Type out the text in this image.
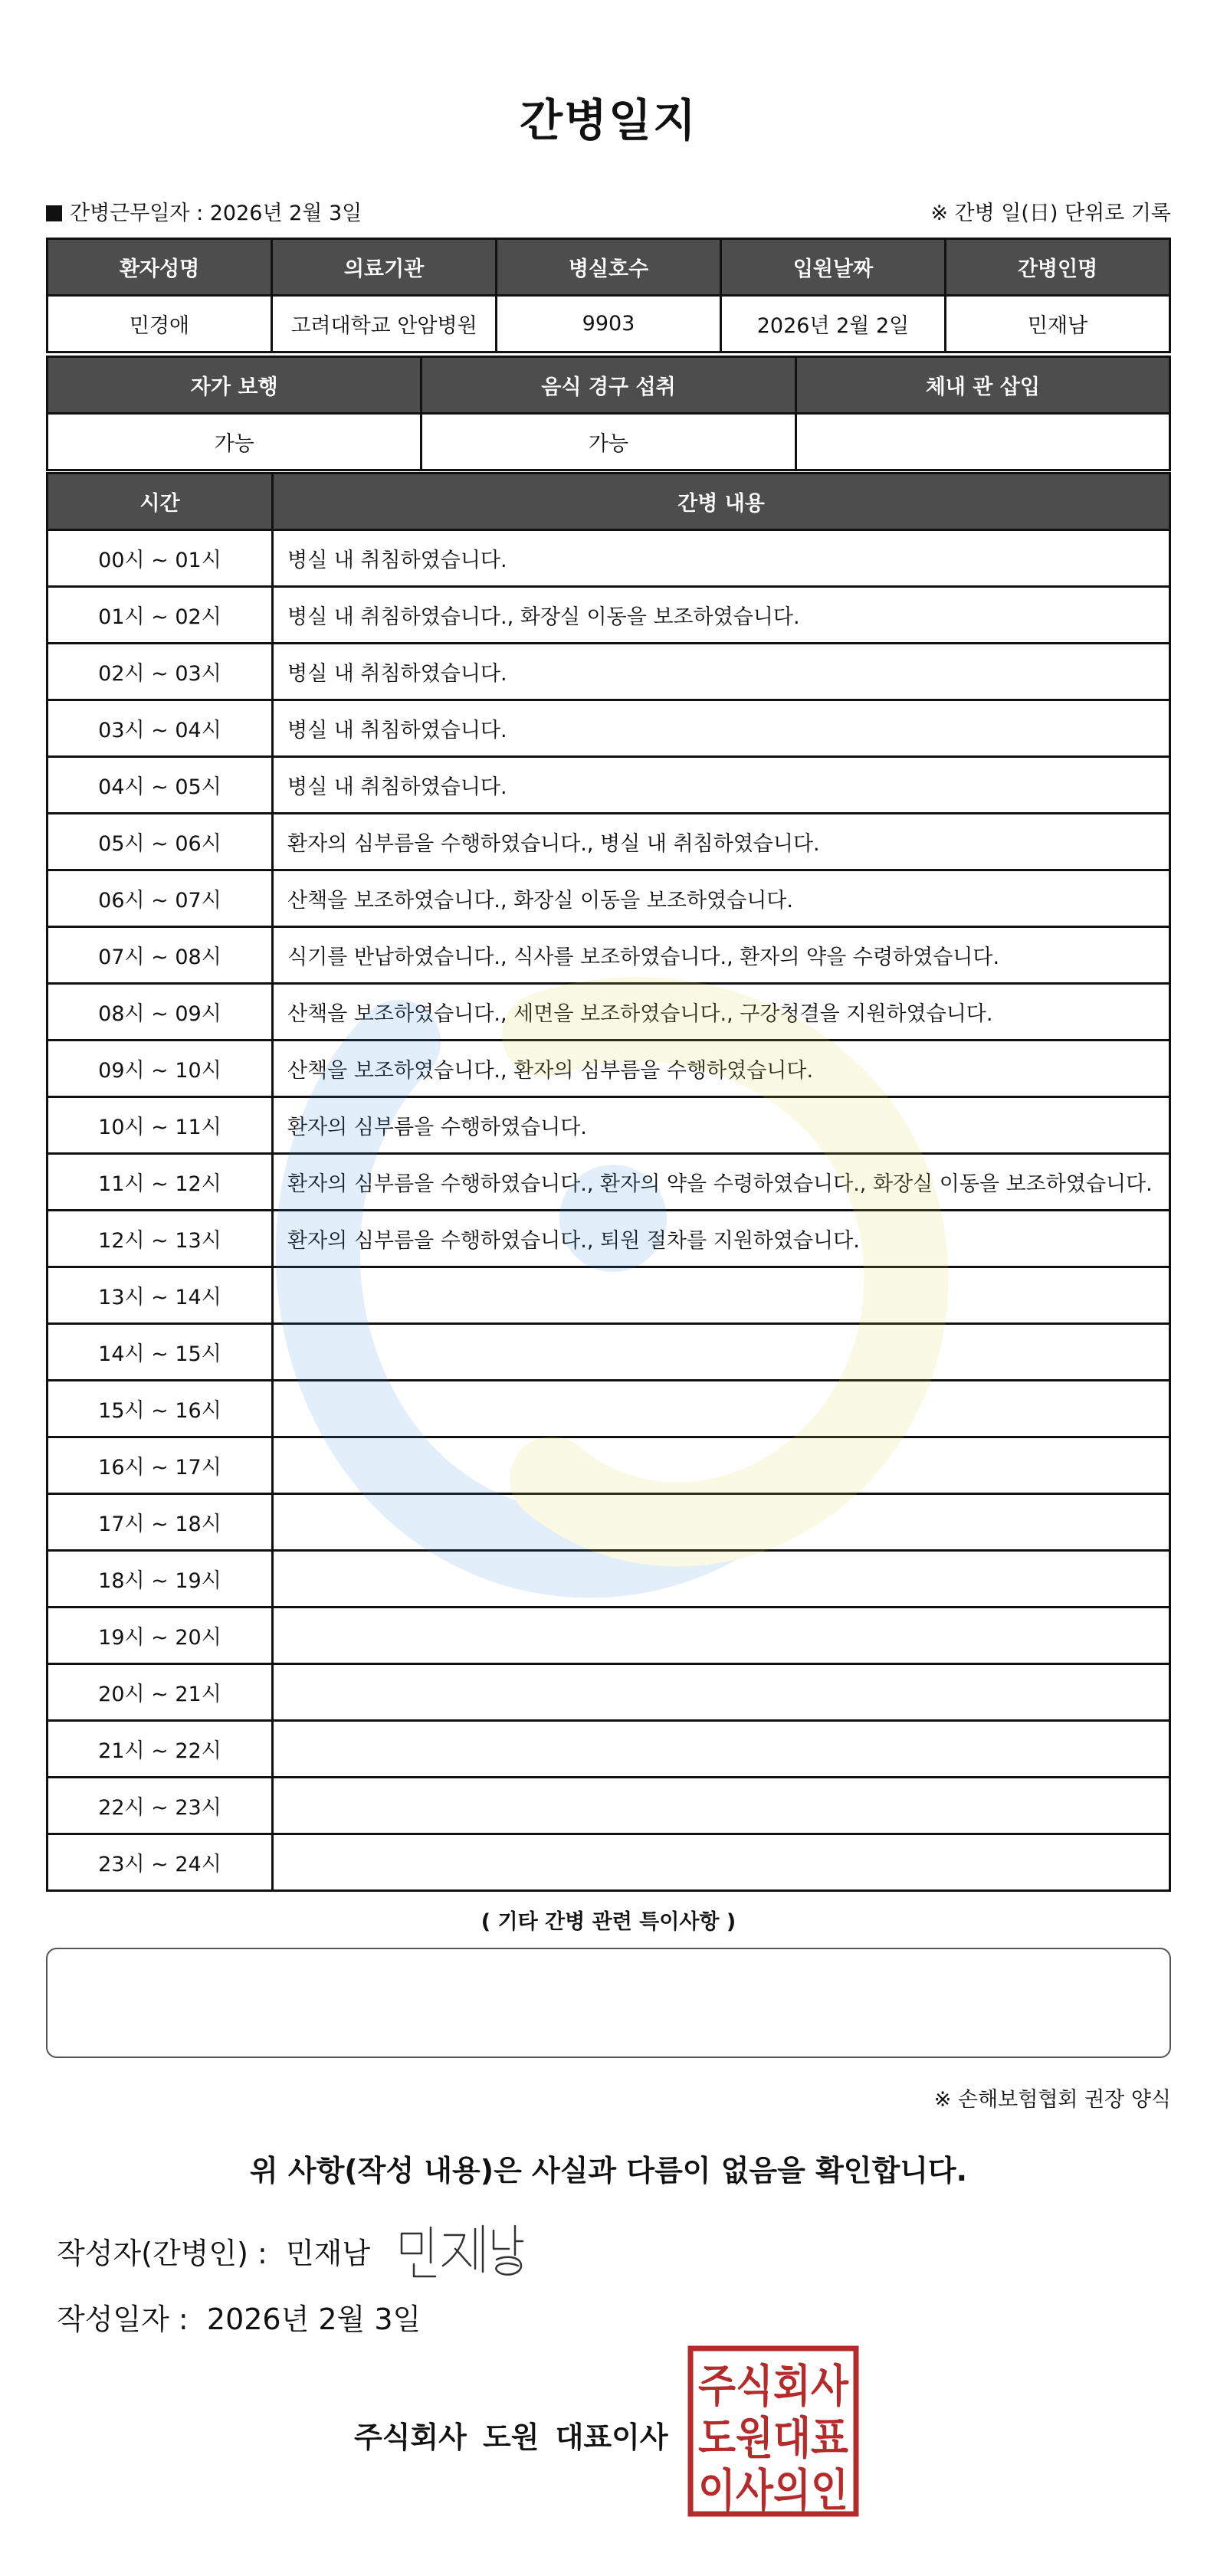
간병일지
간병근무일자 : 2026년 2월 3일	※ 간병 일(日) 단위로 기록
환자성명	의료기관	병실호수	입원날짜	간병인명
민경애	고려대학교 안암병원	9903	2026년 2월 2일	민재남
자가 보행	음식 경구 섭취	체내 관 삽입
가능	가능	
시간	간병 내용
00시 ~ 01시	병실 내 취침하였습니다.
01시 ~ 02시	병실 내 취침하였습니다., 화장실 이동을 보조하였습니다.
02시 ~ 03시	병실 내 취침하였습니다.
03시 ~ 04시	병실 내 취침하였습니다.
04시 ~ 05시	병실 내 취침하였습니다.
05시 ~ 06시	환자의 심부름을 수행하였습니다., 병실 내 취침하였습니다.
06시 ~ 07시	산책을 보조하였습니다., 화장실 이동을 보조하였습니다.
07시 ~ 08시	식기를 반납하였습니다., 식사를 보조하였습니다., 환자의 약을 수령하였습니다.
08시 ~ 09시	산책을 보조하였습니다., 세면을 보조하였습니다., 구강청결을 지원하였습니다.
09시 ~ 10시	산책을 보조하였습니다., 환자의 심부름을 수행하였습니다.
10시 ~ 11시	환자의 심부름을 수행하였습니다.
11시 ~ 12시	환자의 심부름을 수행하였습니다., 환자의 약을 수령하였습니다., 화장실 이동을 보조하였습니다.
12시 ~ 13시	환자의 심부름을 수행하였습니다., 퇴원 절차를 지원하였습니다.
13시 ~ 14시	
14시 ~ 15시	
15시 ~ 16시	
16시 ~ 17시	
17시 ~ 18시	
18시 ~ 19시	
19시 ~ 20시	
20시 ~ 21시	
21시 ~ 22시	
22시 ~ 23시	
23시 ~ 24시	
( 기타 간병 관련 특이사항 )
※ 손해보험협회 권장 양식
위 사항(작성 내용)은 사실과 다름이 없음을 확인합니다.
작성자(간병인) : 민재남
작성일자 : 2026년 2월 3일
주식회사 도원 대표이사
주식회사
도원대표
이사의인
